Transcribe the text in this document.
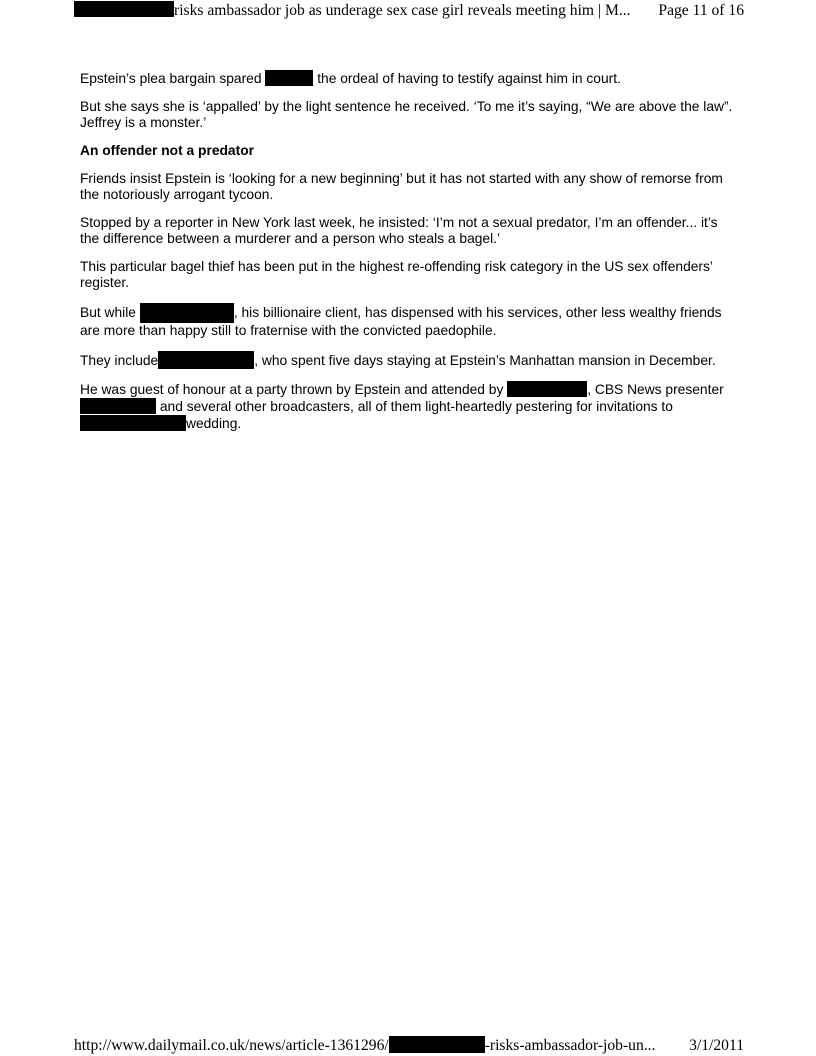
risks ambassador job as underage sex case girl reveals meeting him | M... Page 11 of 16

Epstein’s plea bargain spared	the ordeal of having to testify against him in court.

But she says she is ‘appalled’ by the light sentence he received. ‘To me it’s saying, “We are above the law”. Jeffrey is a monster.’

An offender not a predator

Friends insist Epstein is ‘looking for a new beginning’ but it has not started with any show of remorse from the notoriously arrogant tycoon.

Stopped by a reporter in New York last week, he insisted: ‘I’m not a sexual predator, I’m an offender... it’s the difference between a murderer and a person who steals a bagel.’

This particular bagel thief has been put in the highest re-offending risk category in the US sex offenders’ register.

But while	, his billionaire client, has dispensed with his services, other less wealthy friends are more than happy still to fraternise with the convicted paedophile.

They include	, who spent five days staying at Epstein’s Manhattan mansion in December.

He was guest of honour at a party thrown by Epstein and attended by	, CBS News presenter  and several other broadcasters, all of them light-heartedly pestering for invitations to wedding.

http://www.dailymail.co.uk/news/article-1361296/	-risks-ambassador-job-un... 3/1/2011
